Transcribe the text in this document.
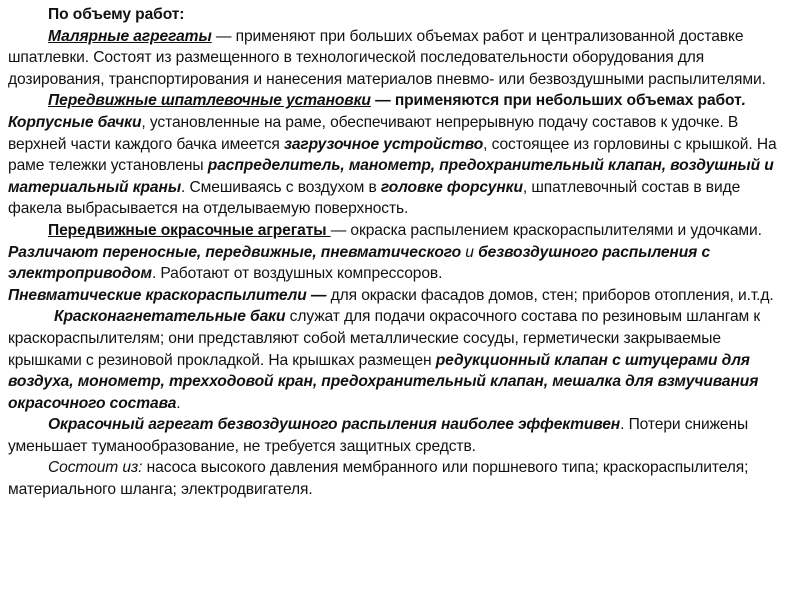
По объему работ:

Малярные агрегаты — применяют при больших объемах работ и централизованной доставке шпатлевки. Состоят из размещенного в технологической последовательности оборудования для дозирования, транспортирования и нанесения материалов пневмо- или безвоздушными распылителями.

Передвижные шпатлевочные установки — применяются при небольших объемах работ. Корпусные бачки, установленные на раме, обеспечивают непрерывную подачу составов к удочке. В верхней части каждого бачка имеется загрузочное устройство, состоящее из горловины с крышкой. На раме тележки установлены распределитель, манометр, предохранительный клапан, воздушный и материальный краны. Смешиваясь с воздухом в головке форсунки, шпатлевочный состав в виде факела выбрасывается на отделываемую поверхность.

Передвижные окрасочные агрегаты — окраска распылением краскораспылителями и удочками. Различают переносные, передвижные, пневматического и безвоздушного распыления с электроприводом. Работают от воздушных компрессоров.

Пневматические краскораспылители — для окраски фасадов домов, стен; приборов отопления, и.т.д.

Красконагнетательные баки служат для подачи окрасочного состава по резиновым шлангам к краскораспылителям; они представляют собой металлические сосуды, герметически закрываемые крышками с резиновой прокладкой. На крышках размещен редукционный клапан с штуцерами для воздуха, монометр, трехходовой кран, предохранительный клапан, мешалка для взмучивания окрасочного состава.

Окрасочный агрегат безвоздушного распыления наиболее эффективен. Потери снижены уменьшает туманообразование, не требуется защитных средств.

Состоит из: насоса высокого давления мембранного или поршневого типа; краскораспылителя; материального шланга; электродвигателя.
